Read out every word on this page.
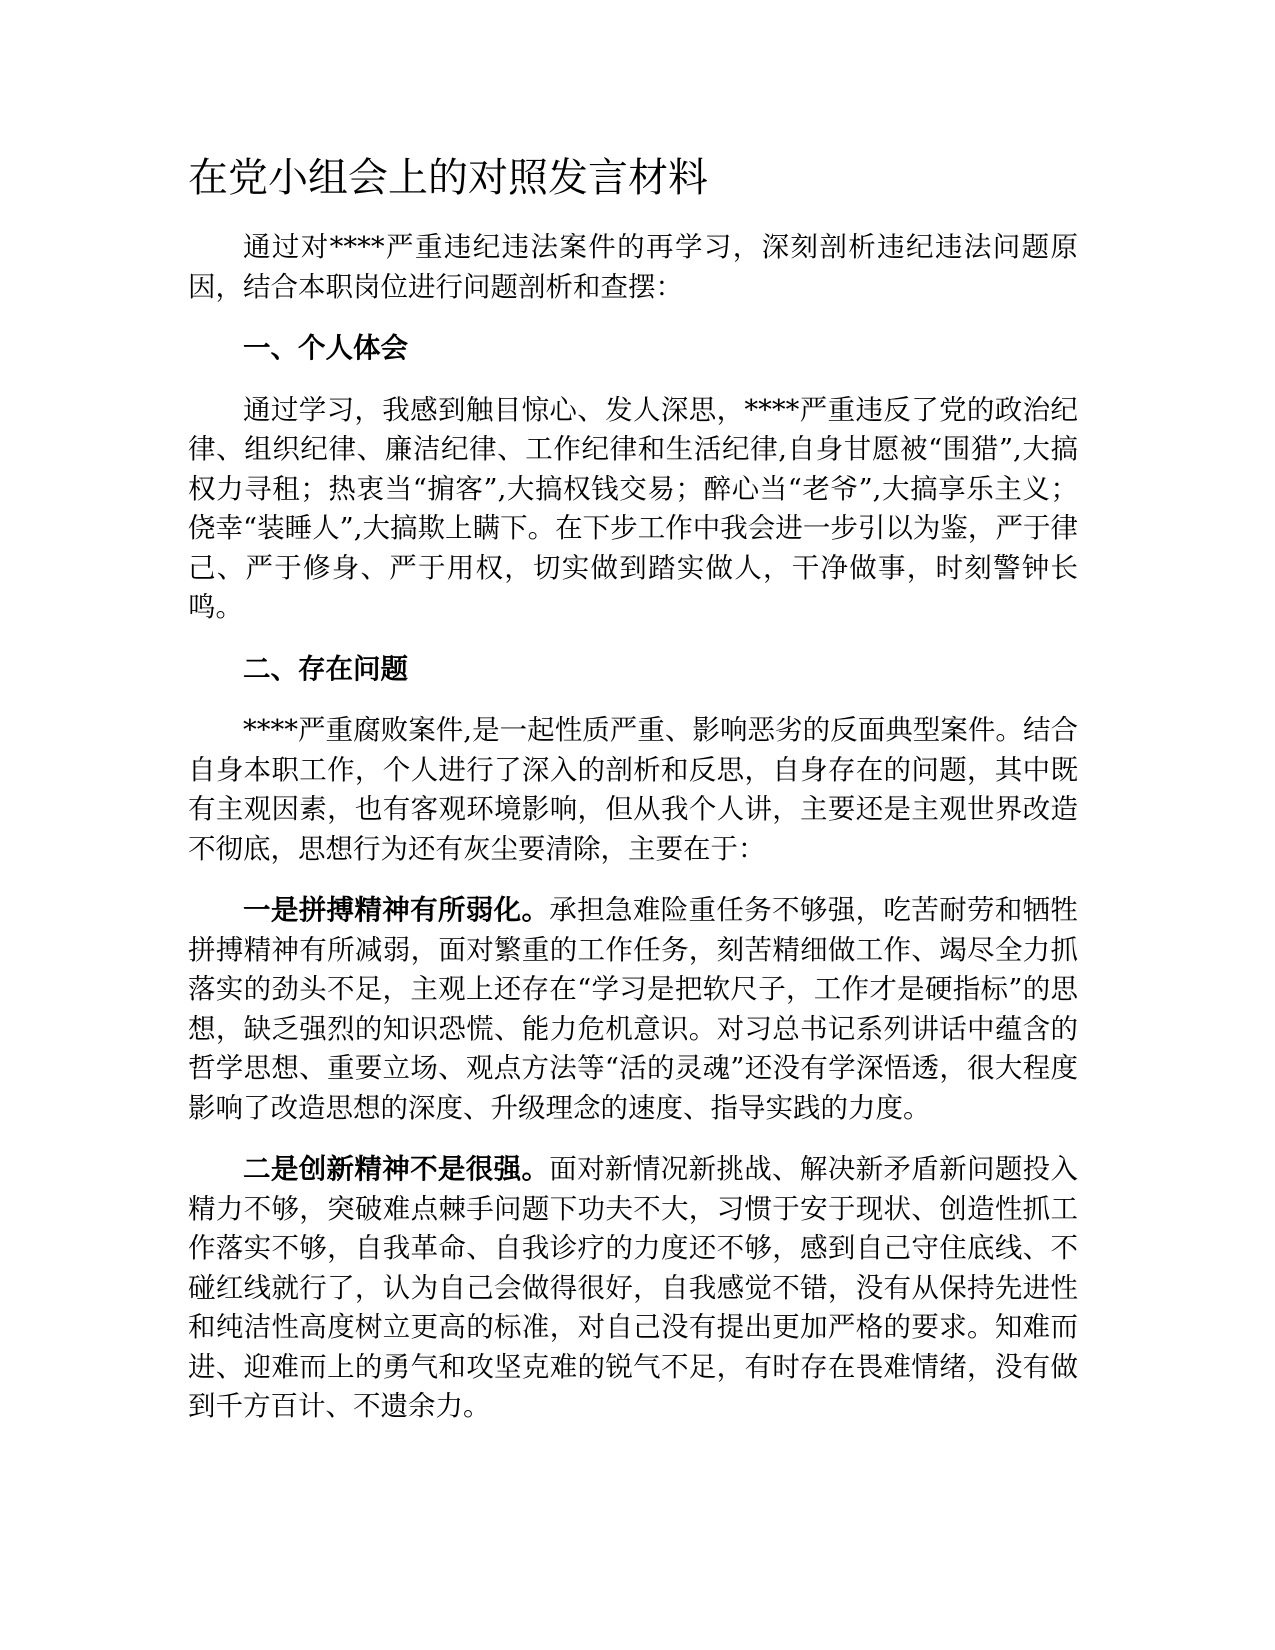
在党小组会上的对照发言材料

通过对****严重违纪违法案件的再学习，深刻剖析违纪违法问题原因，结合本职岗位进行问题剖析和查摆：

一、个人体会

通过学习，我感到触目惊心、发人深思，****严重违反了党的政治纪律、组织纪律、廉洁纪律、工作纪律和生活纪律,自身甘愿被“围猎”,大搞权力寻租；热衷当“掮客”,大搞权钱交易；醉心当“老爷”,大搞享乐主义；侥幸“装睡人”,大搞欺上瞒下。在下步工作中我会进一步引以为鉴，严于律己、严于修身、严于用权，切实做到踏实做人，干净做事，时刻警钟长鸣。

二、存在问题

****严重腐败案件,是一起性质严重、影响恶劣的反面典型案件。结合自身本职工作，个人进行了深入的剖析和反思，自身存在的问题，其中既有主观因素，也有客观环境影响，但从我个人讲，主要还是主观世界改造不彻底，思想行为还有灰尘要清除，主要在于：

一是拼搏精神有所弱化。承担急难险重任务不够强，吃苦耐劳和牺牲拼搏精神有所减弱，面对繁重的工作任务，刻苦精细做工作、竭尽全力抓落实的劲头不足，主观上还存在“学习是把软尺子，工作才是硬指标”的思想，缺乏强烈的知识恐慌、能力危机意识。对习总书记系列讲话中蕴含的哲学思想、重要立场、观点方法等“活的灵魂”还没有学深悟透，很大程度影响了改造思想的深度、升级理念的速度、指导实践的力度。

二是创新精神不是很强。面对新情况新挑战、解决新矛盾新问题投入精力不够，突破难点棘手问题下功夫不大，习惯于安于现状、创造性抓工作落实不够，自我革命、自我诊疗的力度还不够，感到自己守住底线、不碰红线就行了，认为自己会做得很好，自我感觉不错，没有从保持先进性和纯洁性高度树立更高的标准，对自己没有提出更加严格的要求。知难而进、迎难而上的勇气和攻坚克难的锐气不足，有时存在畏难情绪，没有做到千方百计、不遗余力。
